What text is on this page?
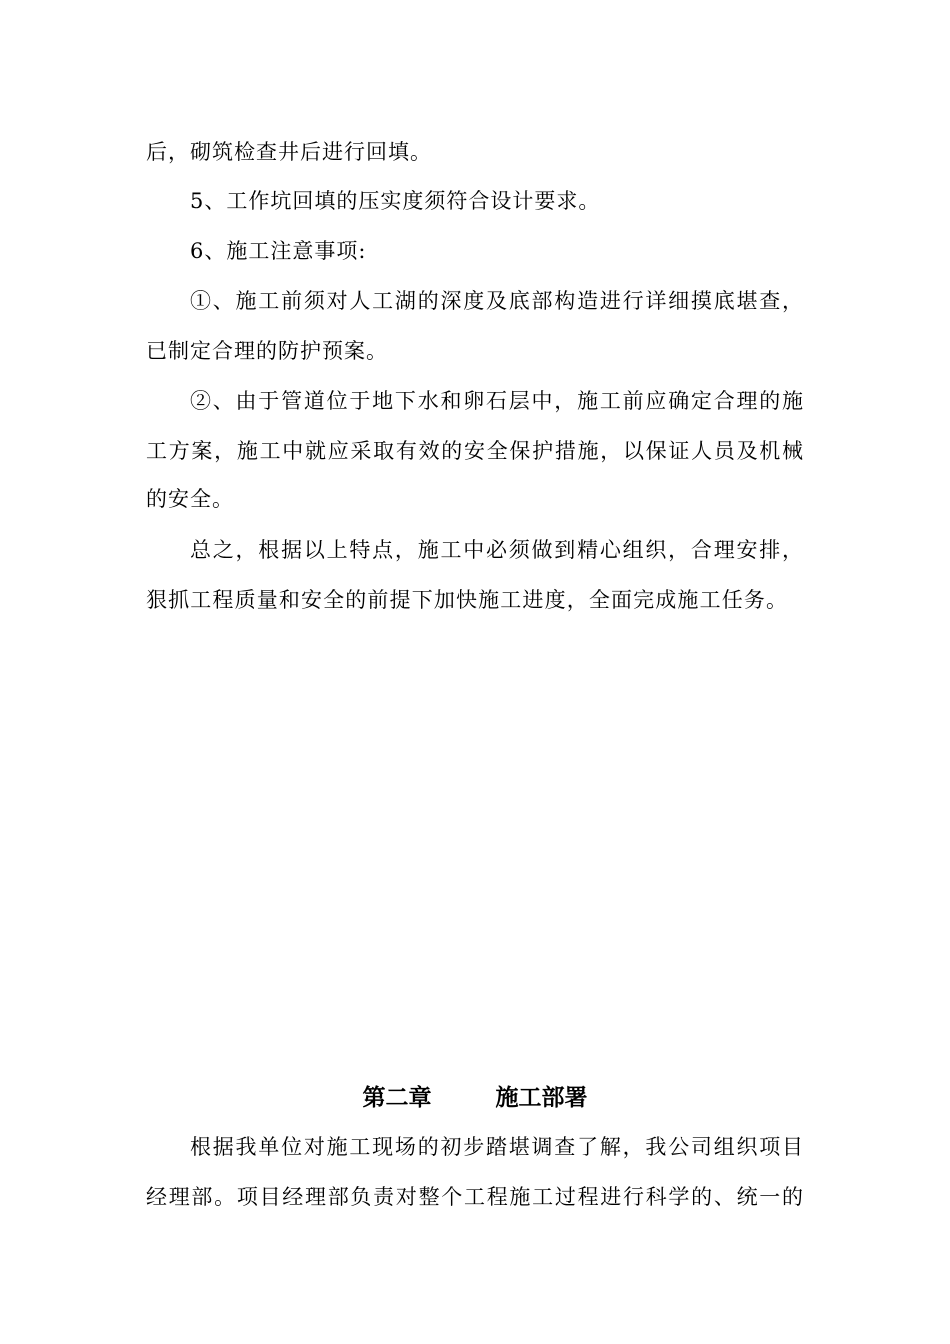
后，砌筑检查井后进行回填。
5、工作坑回填的压实度须符合设计要求。
6、施工注意事项:
①、施工前须对人工湖的深度及底部构造进行详细摸底堪查，
已制定合理的防护预案。
②、由于管道位于地下水和卵石层中，施工前应确定合理的施
工方案，施工中就应采取有效的安全保护措施，以保证人员及机械
的安全。
总之，根据以上特点，施工中必须做到精心组织，合理安排，
狠抓工程质量和安全的前提下加快施工进度，全面完成施工任务。
第二章        施工部署
根据我单位对施工现场的初步踏堪调查了解，我公司组织项目
经理部。项目经理部负责对整个工程施工过程进行科学的、统一的
